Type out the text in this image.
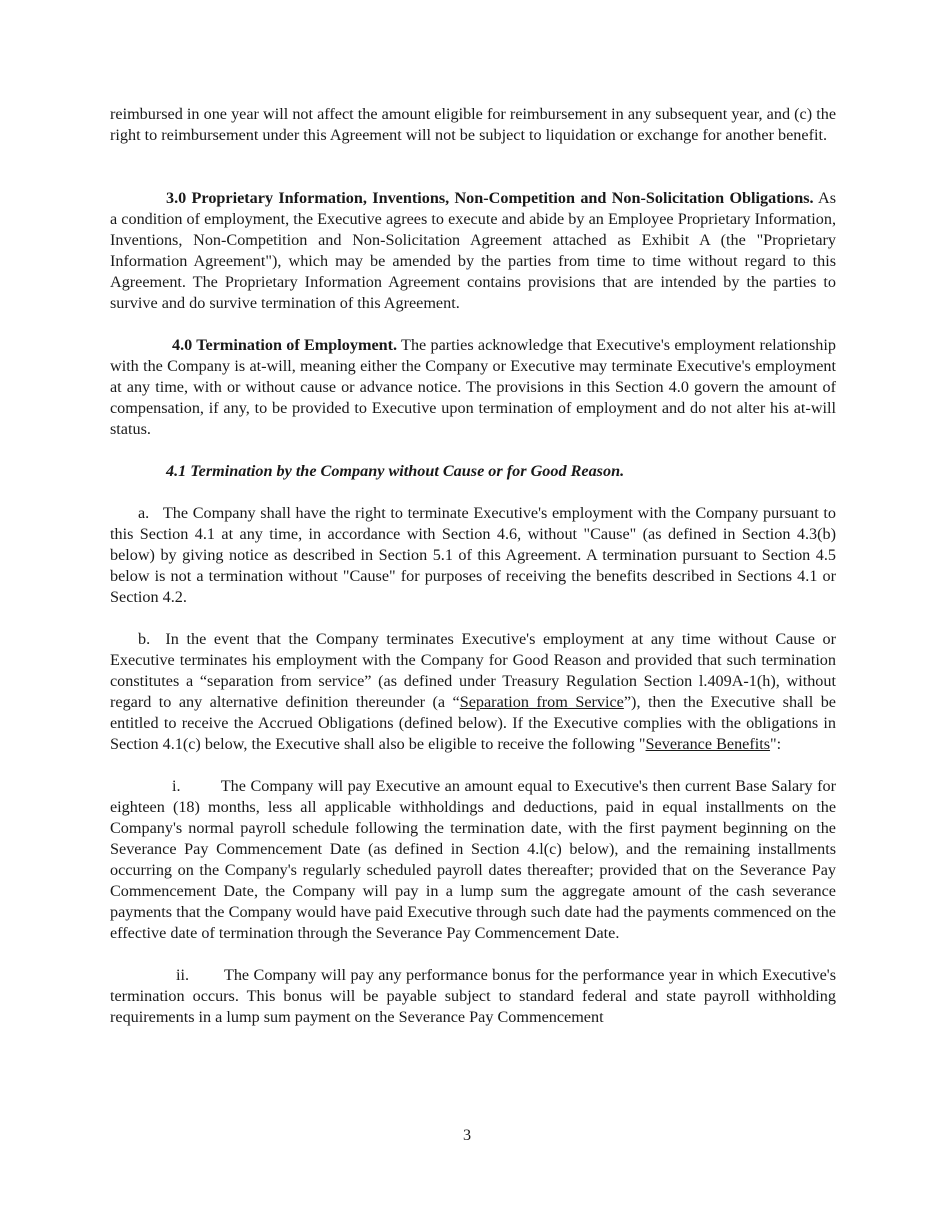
reimbursed in one year will not affect the amount eligible for reimbursement in any subsequent year, and (c) the right to reimbursement under this Agreement will not be subject to liquidation or exchange for another benefit.

3.0 Proprietary Information, Inventions, Non-Competition and Non-Solicitation Obligations. As a condition of employment, the Executive agrees to execute and abide by an Employee Proprietary Information, Inventions, Non-Competition and Non-Solicitation Agreement attached as Exhibit A (the "Proprietary Information Agreement"), which may be amended by the parties from time to time without regard to this Agreement. The Proprietary Information Agreement contains provisions that are intended by the parties to survive and do survive termination of this Agreement.

4.0 Termination of Employment. The parties acknowledge that Executive's employment relationship with the Company is at-will, meaning either the Company or Executive may terminate Executive's employment at any time, with or without cause or advance notice. The provisions in this Section 4.0 govern the amount of compensation, if any, to be provided to Executive upon termination of employment and do not alter his at-will status.

4.1 Termination by the Company without Cause or for Good Reason.

a. The Company shall have the right to terminate Executive's employment with the Company pursuant to this Section 4.1 at any time, in accordance with Section 4.6, without "Cause" (as defined in Section 4.3(b) below) by giving notice as described in Section 5.1 of this Agreement. A termination pursuant to Section 4.5 below is not a termination without "Cause" for purposes of receiving the benefits described in Sections 4.1 or Section 4.2.

b. In the event that the Company terminates Executive's employment at any time without Cause or Executive terminates his employment with the Company for Good Reason and provided that such termination constitutes a “separation from service” (as defined under Treasury Regulation Section l.409A-1(h), without regard to any alternative definition thereunder (a “Separation from Service”), then the Executive shall be entitled to receive the Accrued Obligations (defined below). If the Executive complies with the obligations in Section 4.1(c) below, the Executive shall also be eligible to receive the following "Severance Benefits":

i. The Company will pay Executive an amount equal to Executive's then current Base Salary for eighteen (18) months, less all applicable withholdings and deductions, paid in equal installments on the Company's normal payroll schedule following the termination date, with the first payment beginning on the Severance Pay Commencement Date (as defined in Section 4.l(c) below), and the remaining installments occurring on the Company's regularly scheduled payroll dates thereafter; provided that on the Severance Pay Commencement Date, the Company will pay in a lump sum the aggregate amount of the cash severance payments that the Company would have paid Executive through such date had the payments commenced on the effective date of termination through the Severance Pay Commencement Date.

ii. The Company will pay any performance bonus for the performance year in which Executive's termination occurs. This bonus will be payable subject to standard federal and state payroll withholding requirements in a lump sum payment on the Severance Pay Commencement

3
